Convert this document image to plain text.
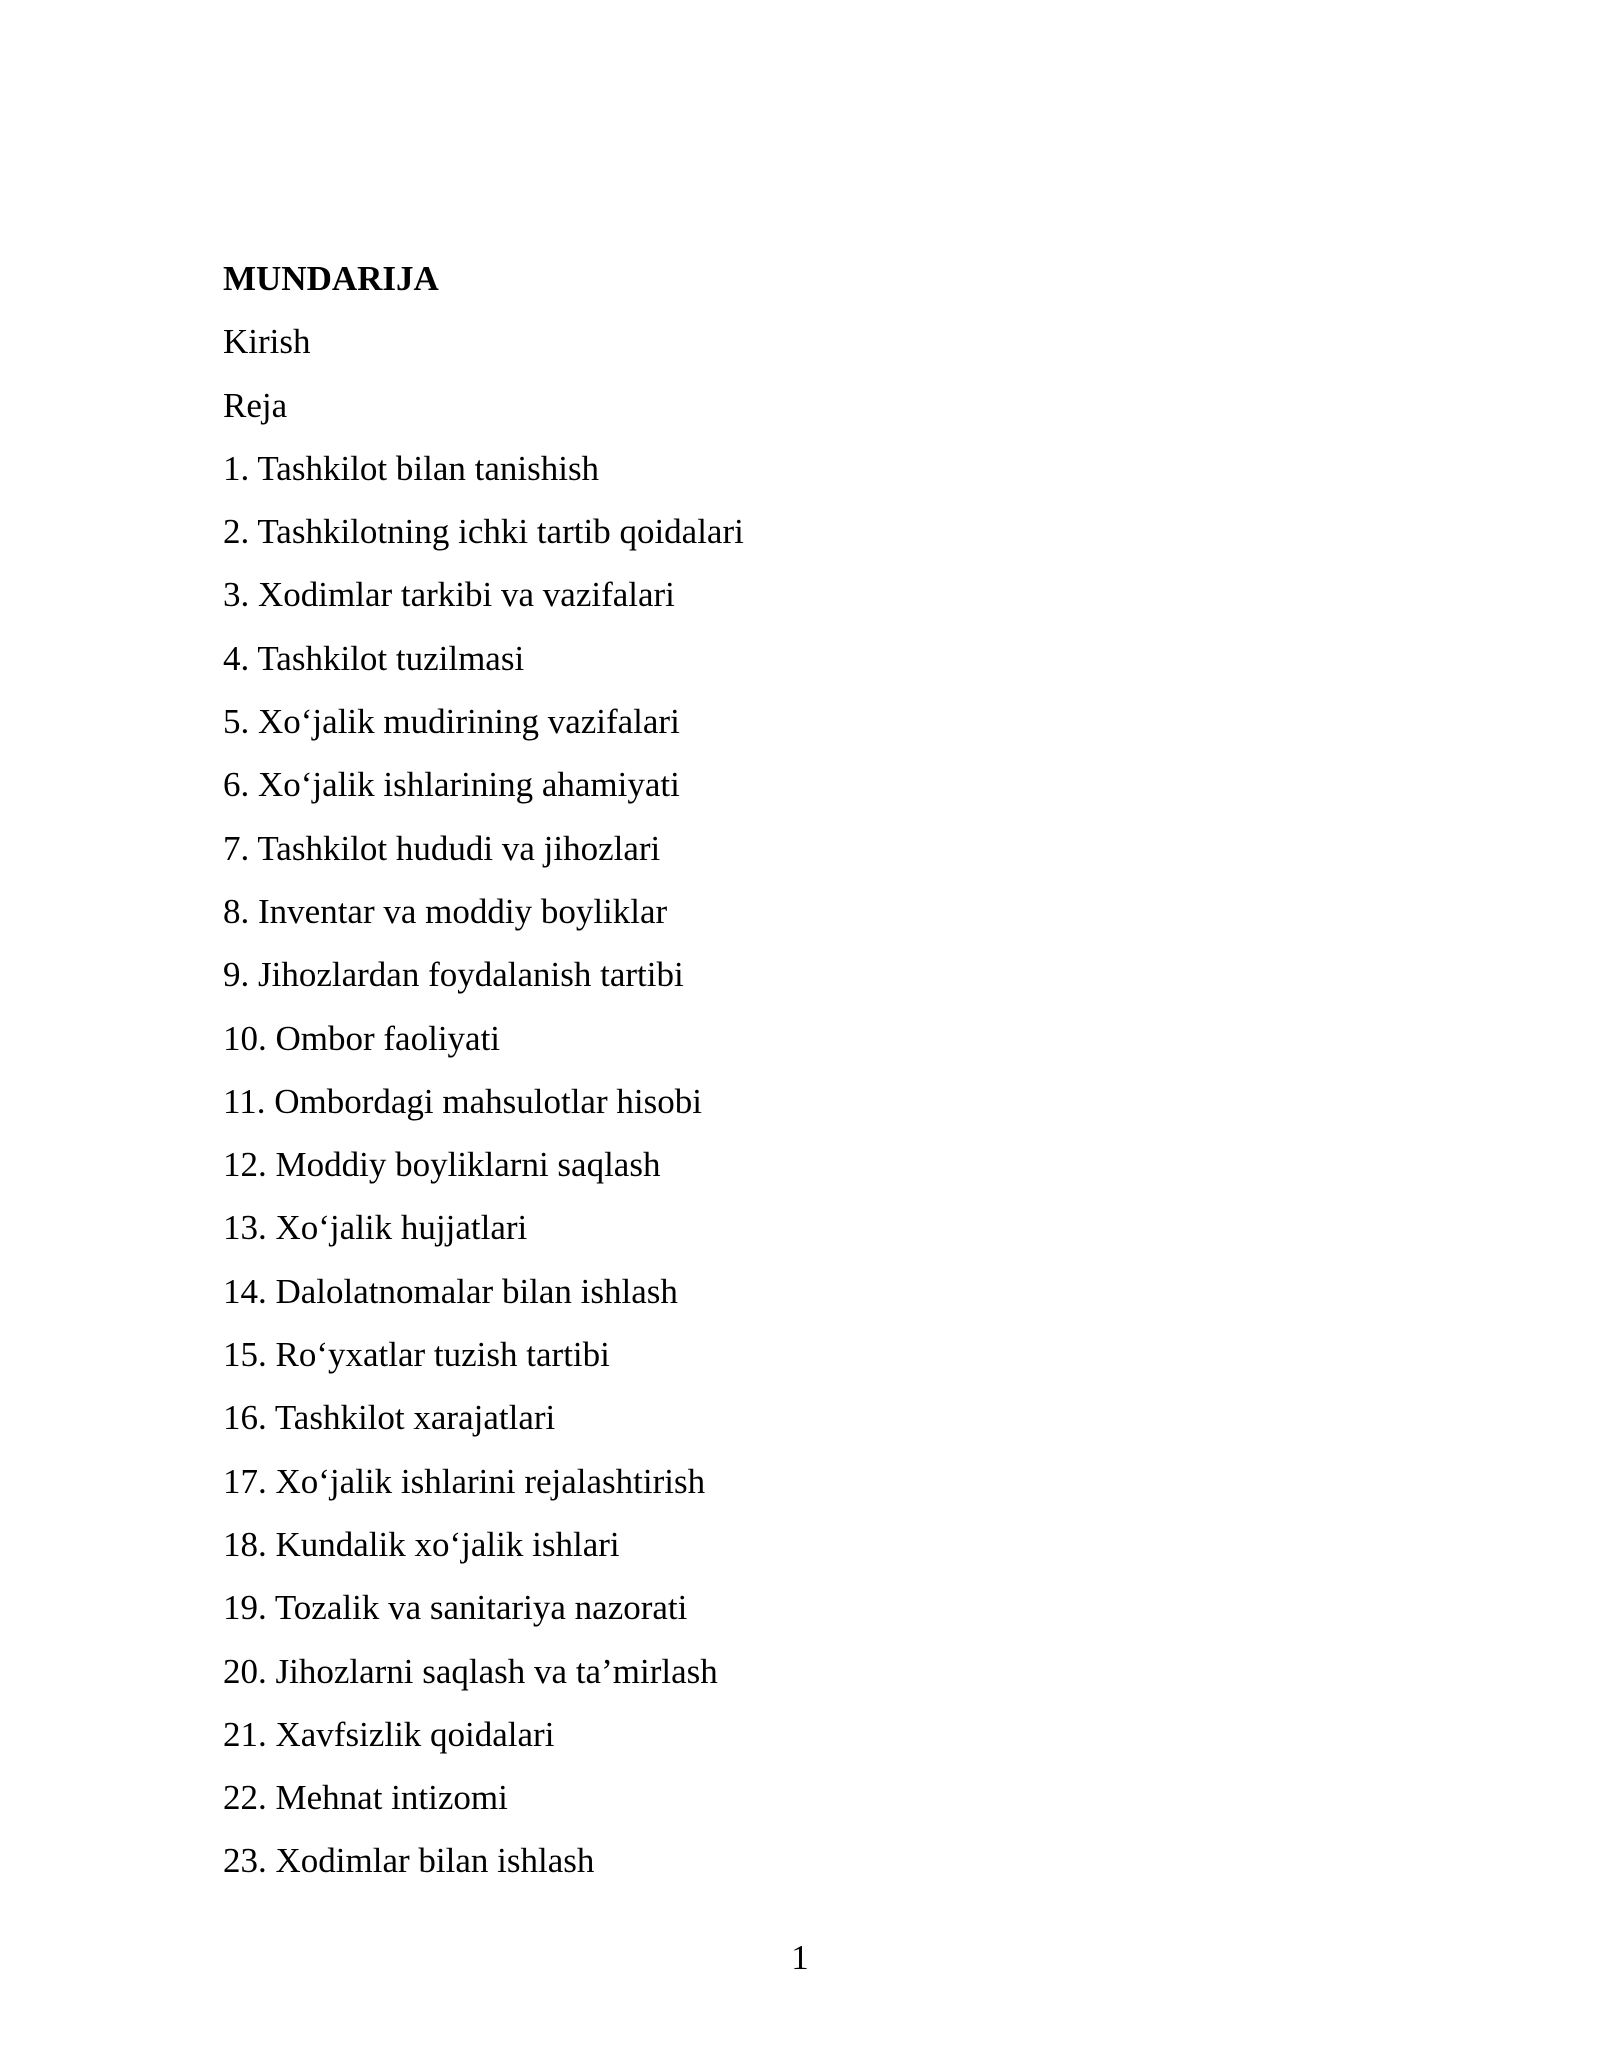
MUNDARIJA
Kirish
Reja
1. Tashkilot bilan tanishish
2. Tashkilotning ichki tartib qoidalari
3. Xodimlar tarkibi va vazifalari
4. Tashkilot tuzilmasi
5. Xo‘jalik mudirining vazifalari
6. Xo‘jalik ishlarining ahamiyati
7. Tashkilot hududi va jihozlari
8. Inventar va moddiy boyliklar
9. Jihozlardan foydalanish tartibi
10. Ombor faoliyati
11. Ombordagi mahsulotlar hisobi
12. Moddiy boyliklarni saqlash
13. Xo‘jalik hujjatlari
14. Dalolatnomalar bilan ishlash
15. Ro‘yxatlar tuzish tartibi
16. Tashkilot xarajatlari
17. Xo‘jalik ishlarini rejalashtirish
18. Kundalik xo‘jalik ishlari
19. Tozalik va sanitariya nazorati
20. Jihozlarni saqlash va ta’mirlash
21. Xavfsizlik qoidalari
22. Mehnat intizomi
23. Xodimlar bilan ishlash
1
